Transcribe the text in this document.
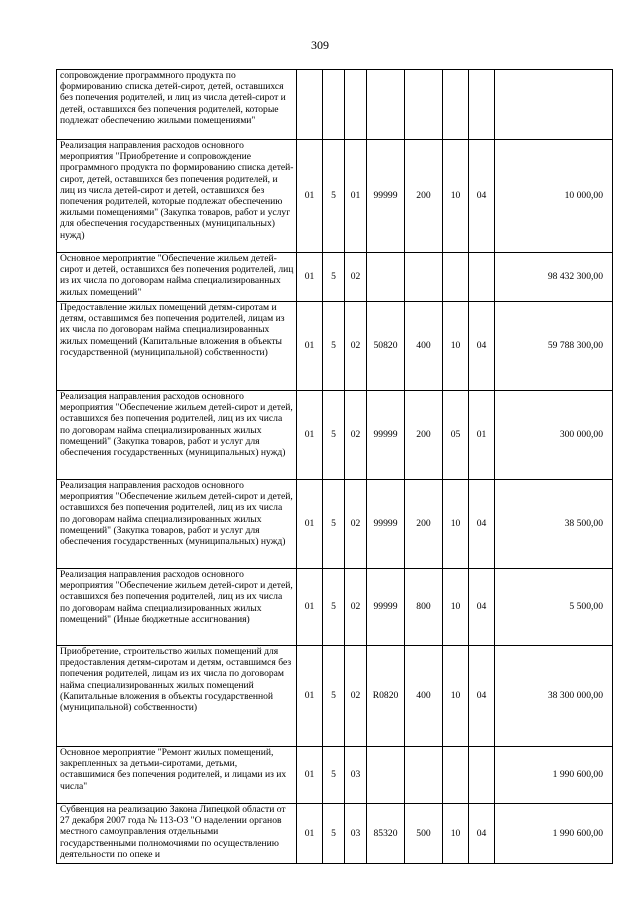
309
сопровождение программного продукта по формированию списка детей-сирот, детей, оставшихся без попечения родителей, и лиц из числа детей-сирот и детей, оставшихся без попечения родителей, которые подлежат обеспечению жилыми помещениями"								
Реализация направления расходов основного мероприятия "Приобретение и сопровождение программного продукта по формированию списка детей-сирот, детей, оставшихся без попечения родителей, и лиц из числа детей-сирот и детей, оставшихся без попечения родителей, которые подлежат обеспечению жилыми помещениями" (Закупка товаров, работ и услуг для обеспечения государственных (муниципальных) нужд)	01	5	01	99999	200	10	04	10 000,00
Основное мероприятие "Обеспечение жильем детей-сирот и детей, оставшихся без попечения родителей, лиц из их числа по договорам найма специализированных жилых помещений"	01	5	02					98 432 300,00
Предоставление жилых помещений детям-сиротам и детям, оставшимся без попечения родителей, лицам из их числа по договорам найма специализированных жилых помещений (Капитальные вложения в объекты государственной (муниципальной) собственности)	01	5	02	50820	400	10	04	59 788 300,00
Реализация направления расходов основного мероприятия "Обеспечение жильем детей-сирот и детей, оставшихся без попечения родителей, лиц из их числа по договорам найма специализированных жилых помещений" (Закупка товаров, работ и услуг для обеспечения государственных (муниципальных) нужд)	01	5	02	99999	200	05	01	300 000,00
Реализация направления расходов основного мероприятия "Обеспечение жильем детей-сирот и детей, оставшихся без попечения родителей, лиц из их числа по договорам найма специализированных жилых помещений" (Закупка товаров, работ и услуг для обеспечения государственных (муниципальных) нужд)	01	5	02	99999	200	10	04	38 500,00
Реализация направления расходов основного мероприятия "Обеспечение жильем детей-сирот и детей, оставшихся без попечения родителей, лиц из их числа по договорам найма специализированных жилых помещений" (Иные бюджетные ассигнования)	01	5	02	99999	800	10	04	5 500,00
Приобретение, строительство жилых помещений для предоставления детям-сиротам и детям, оставшимся без попечения родителей, лицам из их числа по договорам найма специализированных жилых помещений (Капитальные вложения в объекты государственной (муниципальной) собственности)	01	5	02	R0820	400	10	04	38 300 000,00
Основное мероприятие "Ремонт жилых помещений, закрепленных за детьми-сиротами, детьми, оставшимися без попечения родителей, и лицами из их числа"	01	5	03					1 990 600,00
Субвенция на реализацию Закона Липецкой области от 27 декабря 2007 года № 113-ОЗ "О наделении органов местного самоуправления отдельными государственными полномочиями по осуществлению деятельности по опеке и	01	5	03	85320	500	10	04	1 990 600,00
